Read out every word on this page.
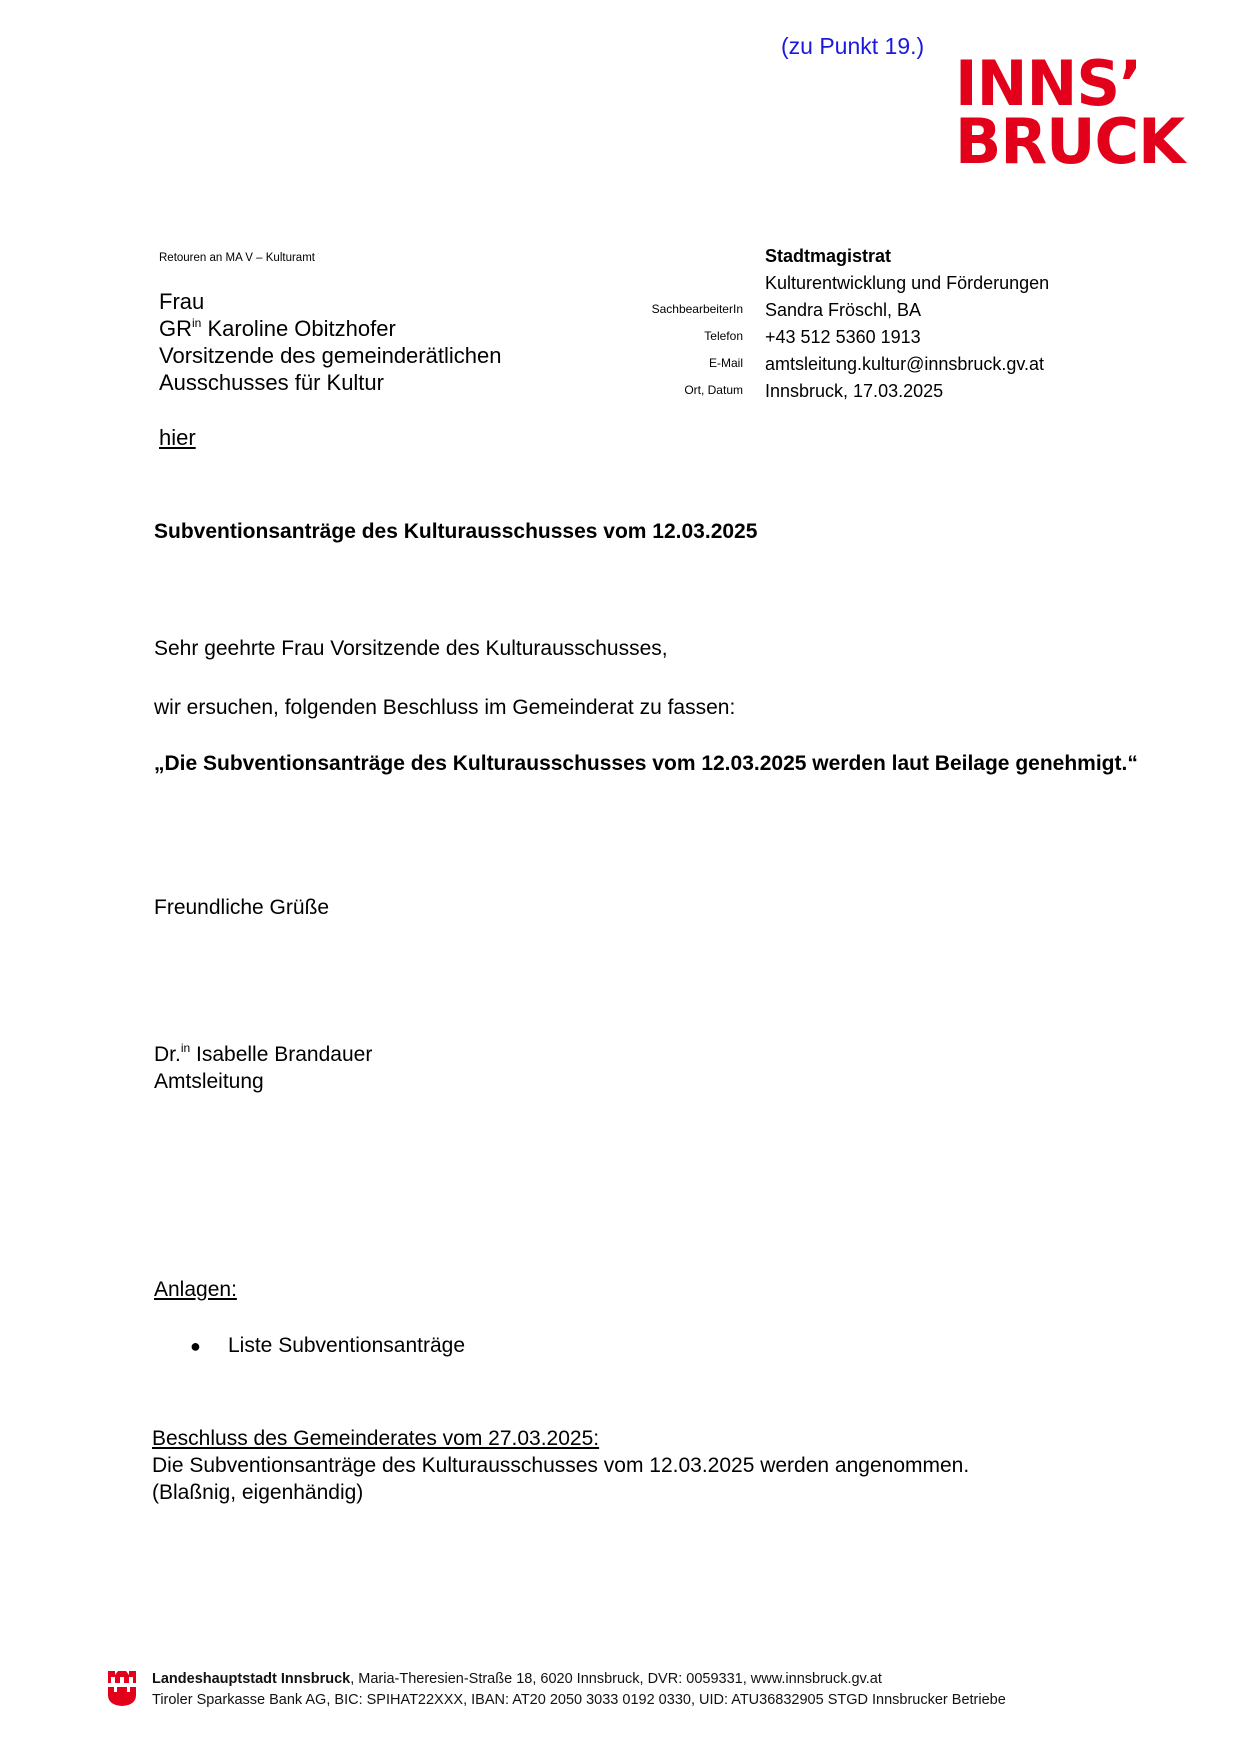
(zu Punkt 19.)
INNS’
BRUCK
Retouren an MA V – Kulturamt
Frau
$GR^{in}$ Karoline Obitzhofer
Vorsitzende des gemeinderätlichen
Ausschusses für Kultur
hier
SachbearbeiterIn
Telefon
E-Mail
Ort, Datum
Stadtmagistrat
Kulturentwicklung und Förderungen
Sandra Fröschl, BA
+43 512 5360 1913
amtsleitung.kultur@innsbruck.gv.at
Innsbruck, 17.03.2025
Subventionsanträge des Kulturausschusses vom 12.03.2025
Sehr geehrte Frau Vorsitzende des Kulturausschusses,
wir ersuchen, folgenden Beschluss im Gemeinderat zu fassen:
„Die Subventionsanträge des Kulturausschusses vom 12.03.2025 werden laut Beilage genehmigt.“
Freundliche Grüße
Dr.$^{in}$ Isabelle Brandauer
Amtsleitung
Anlagen:
● Liste Subventionsanträge
Beschluss des Gemeinderates vom 27.03.2025:
Die Subventionsanträge des Kulturausschusses vom 12.03.2025 werden angenommen.
(Blaßnig, eigenhändig)
Landeshauptstadt Innsbruck, Maria-Theresien-Straße 18, 6020 Innsbruck, DVR: 0059331, www.innsbruck.gv.at
Tiroler Sparkasse Bank AG, BIC: SPIHAT22XXX, IBAN: AT20 2050 3033 0192 0330, UID: ATU36832905 STGD Innsbrucker Betriebe
